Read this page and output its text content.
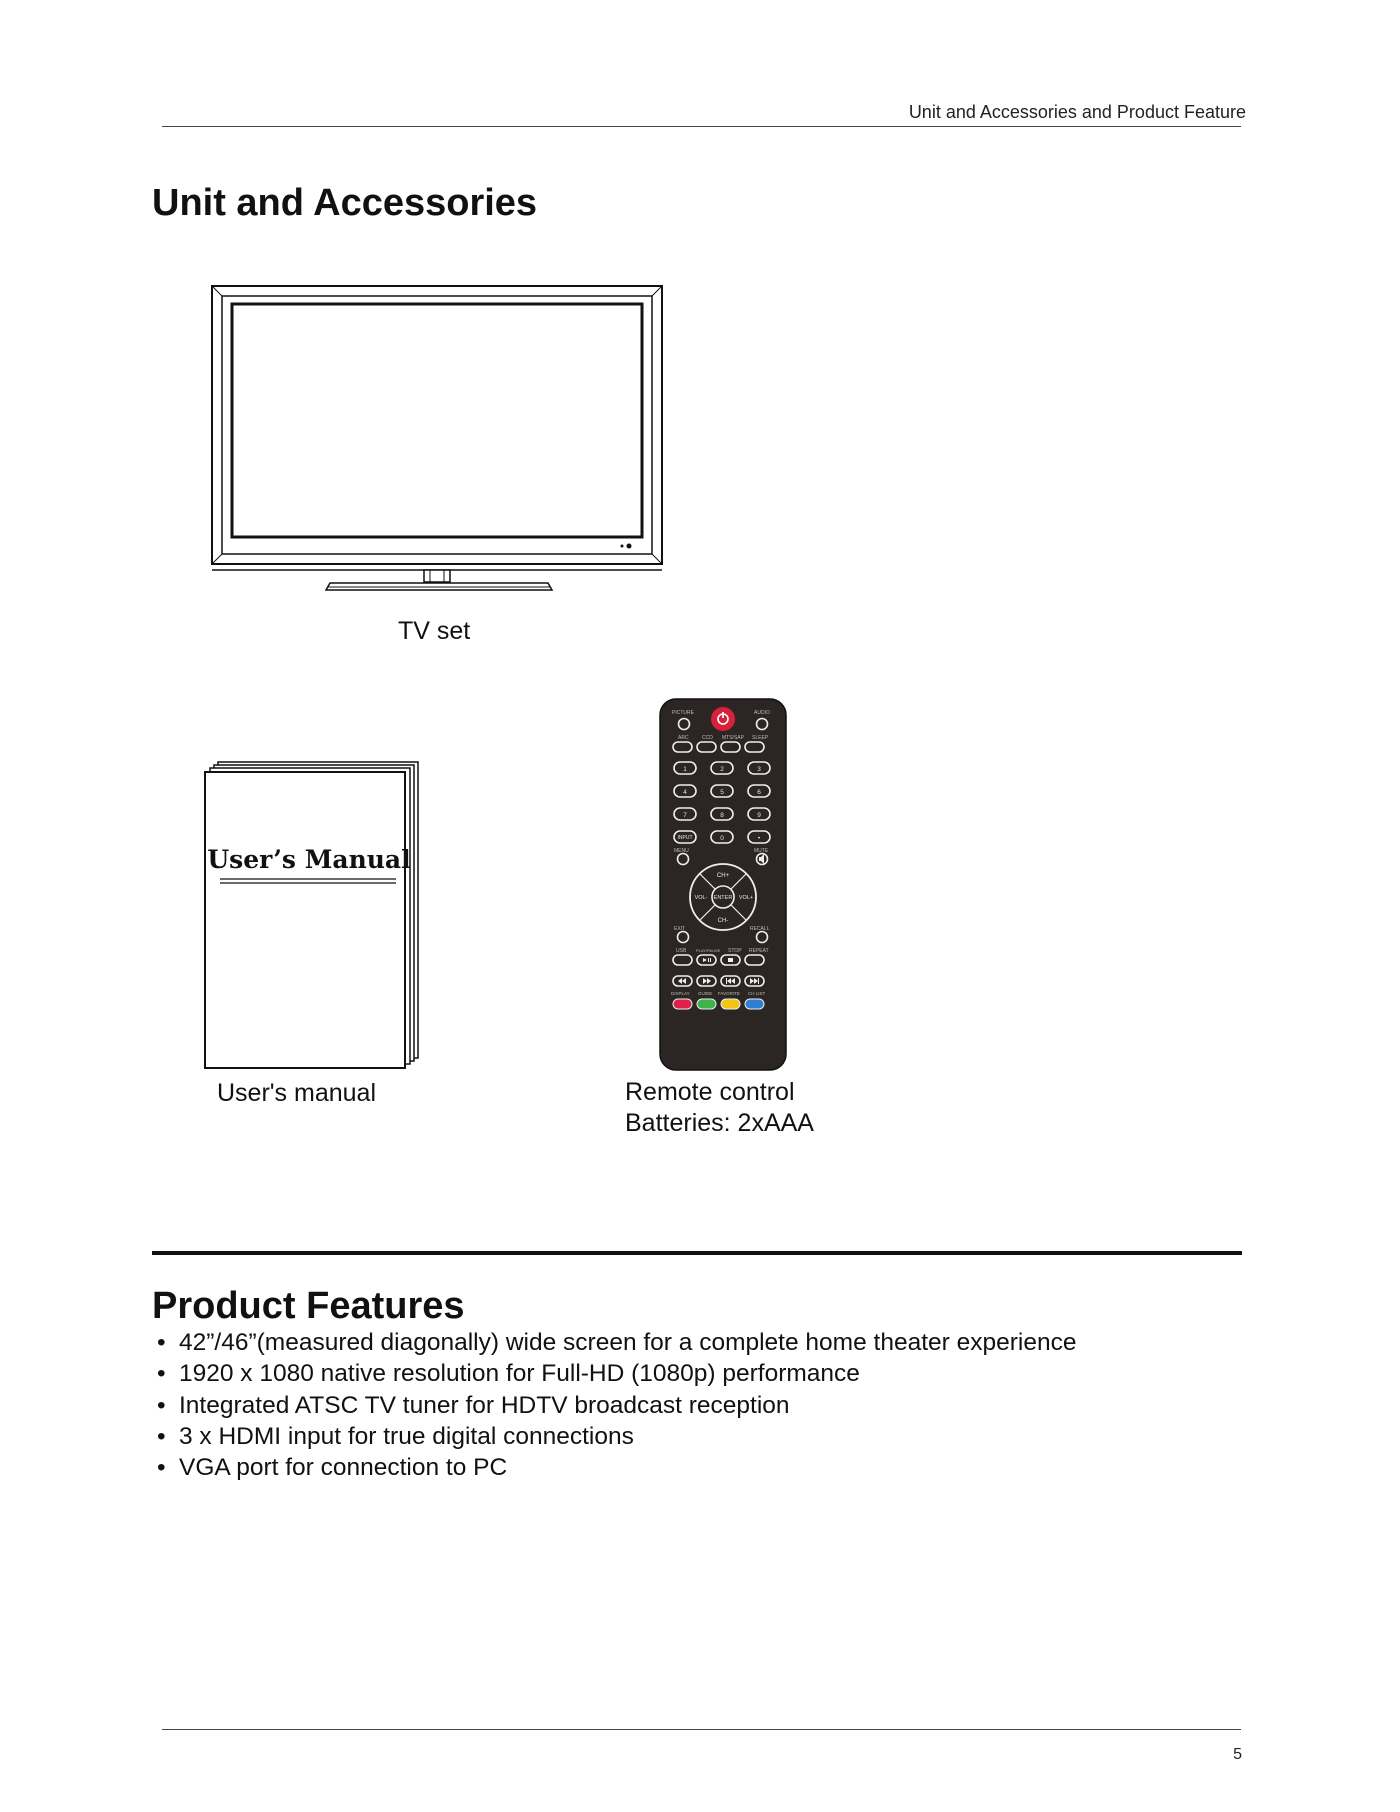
Unit and Accessories and Product Feature
Unit and Accessories
TV set
User’s Manual
User's manual
PICTURE	AUDIO
ARC	CCD MTS/SAP SLEEP
1	2	3
4	5	6
7	8	9
INPUT	0	•
MENU	MUTE
CH+
CH-
VOL-	VOL+
ENTER
EXIT	RECALL
USB PLAY/PAUSE STOP REPEAT
DISPLAY GUIDE FAVORITE CH LIST
Remote control
Batteries: 2xAAA
Product Features
• 42”/46”(measured diagonally) wide screen for a complete home theater experience
• 1920 x 1080 native resolution for Full-HD (1080p) performance
• Integrated ATSC TV tuner for HDTV broadcast reception
• 3 x HDMI input for true digital connections
• VGA port for connection to PC
5
